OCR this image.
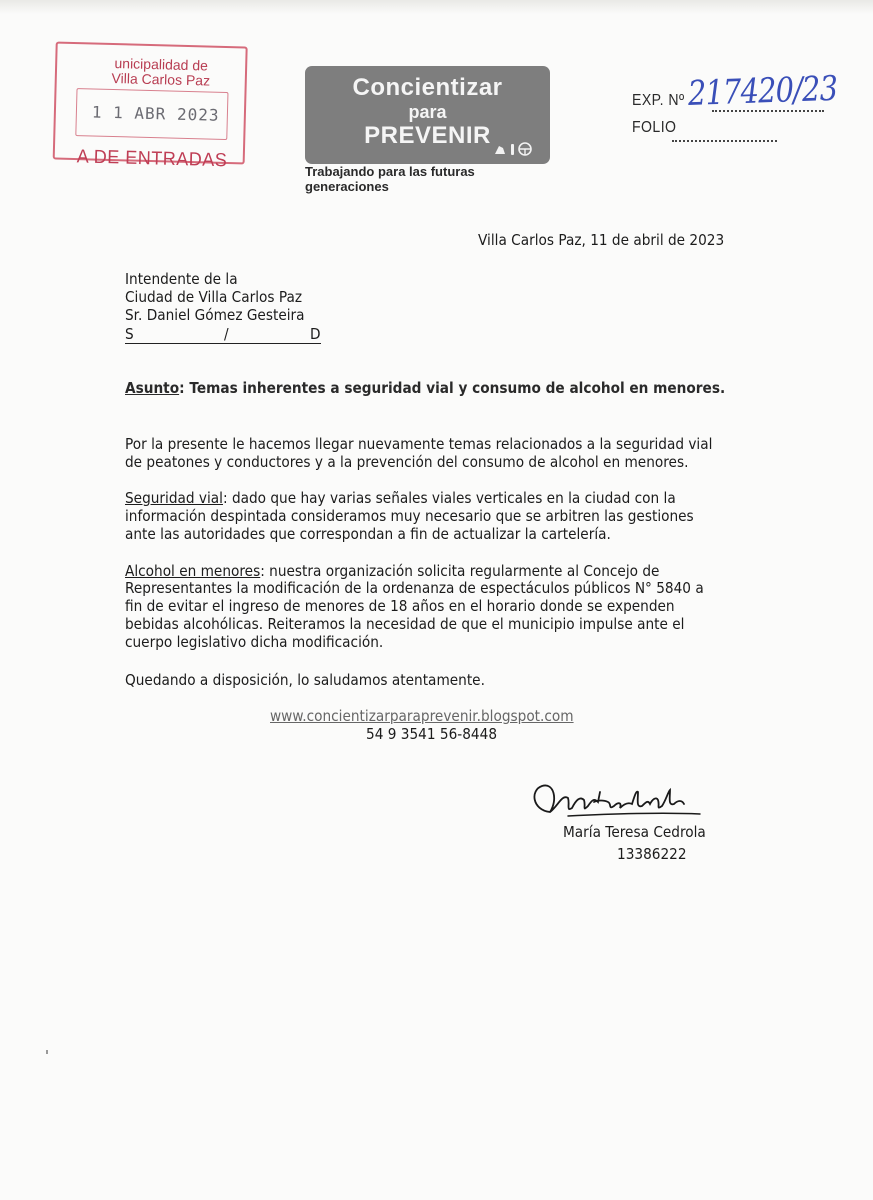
unicipalidad de
Villa Carlos Paz
1 1 ABR 2023
A DE ENTRADAS
Concientizar
para
PREVENIR
Trabajando para las futuras generaciones
EXP. Nº 217420/23
FOLIO
Villa Carlos Paz, 11 de abril de 2023
Intendente de la
Ciudad de Villa Carlos Paz
Sr. Daniel Gómez Gesteira
S	/	D
Asunto: Temas inherentes a seguridad vial y consumo de alcohol en menores.
Por la presente le hacemos llegar nuevamente temas relacionados a la seguridad vial
de peatones y conductores y a la prevención del consumo de alcohol en menores.
Seguridad vial: dado que hay varias señales viales verticales en la ciudad con la
información despintada consideramos muy necesario que se arbitren las gestiones
ante las autoridades que correspondan a fin de actualizar la cartelería.
Alcohol en menores: nuestra organización solicita regularmente al Concejo de
Representantes la modificación de la ordenanza de espectáculos públicos N° 5840 a
fin de evitar el ingreso de menores de 18 años en el horario donde se expenden
bebidas alcohólicas. Reiteramos la necesidad de que el municipio impulse ante el
cuerpo legislativo dicha modificación.
Quedando a disposición, lo saludamos atentamente.
www.concientizarparaprevenir.blogspot.com
54 9 3541 56-8448
María Teresa Cedrola
13386222
